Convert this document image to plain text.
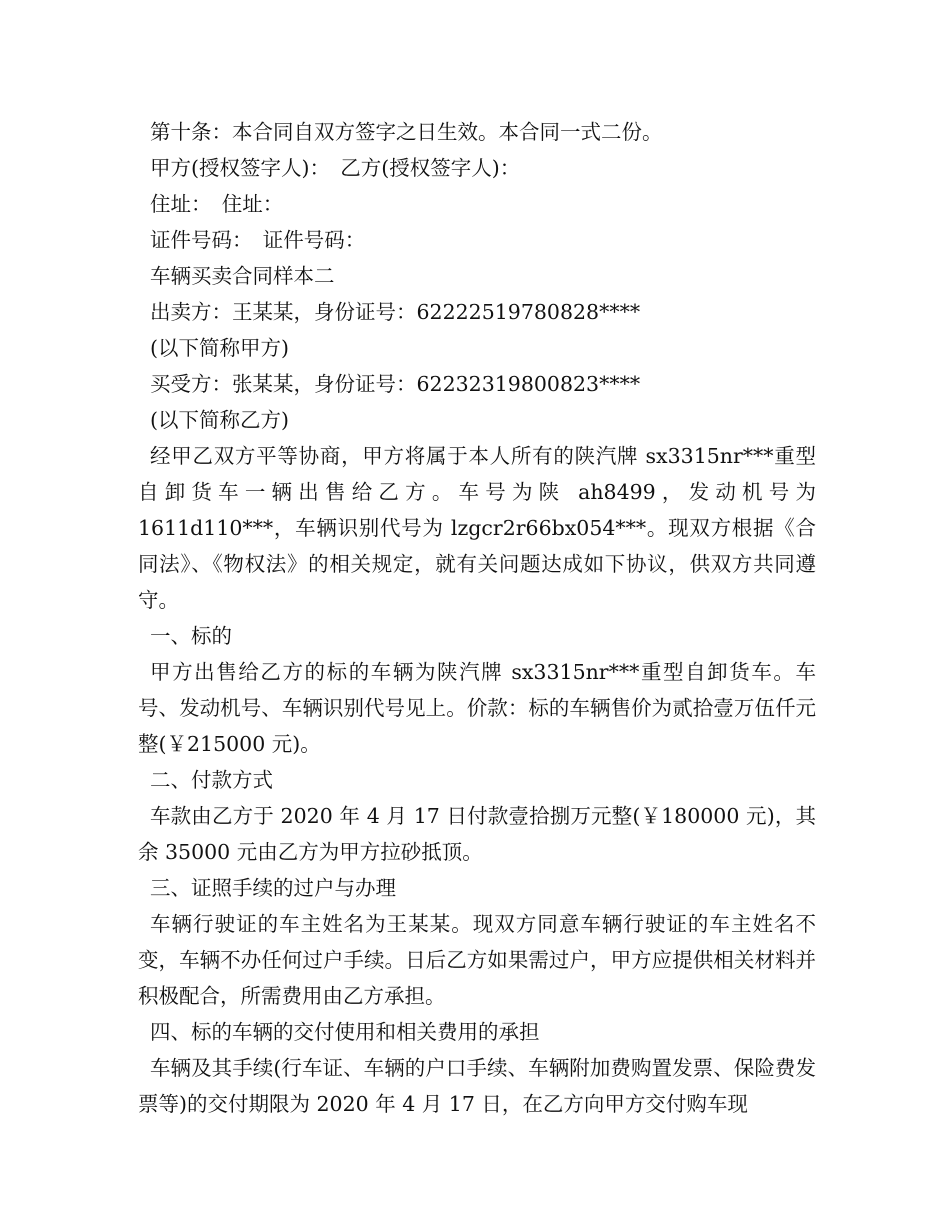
第十条：本合同自双方签字之日生效。本合同一式二份。
甲方(授权签字人)：　乙方(授权签字人)：
住址：　住址：
证件号码：　证件号码：
车辆买卖合同样本二
出卖方：王某某，身份证号：62222519780828****
(以下简称甲方)
买受方：张某某，身份证号：62232319800823****
(以下简称乙方)
经甲乙双方平等协商，甲方将属于本人所有的陕汽牌 sx3315nr***重型自卸货车一辆出售给乙方。车号为陕 ah8499，发动机号为 1611d110***，车辆识别代号为 lzgcr2r66bx054***。现双方根据《合同法》、《物权法》的相关规定，就有关问题达成如下协议，供双方共同遵守。
一、标的
甲方出售给乙方的标的车辆为陕汽牌 sx3315nr***重型自卸货车。车号、发动机号、车辆识别代号见上。价款：标的车辆售价为贰拾壹万伍仟元整(￥215000 元)。
二、付款方式
车款由乙方于 2020 年 4 月 17 日付款壹拾捌万元整(￥180000 元)，其余 35000 元由乙方为甲方拉砂抵顶。
三、证照手续的过户与办理
车辆行驶证的车主姓名为王某某。现双方同意车辆行驶证的车主姓名不变，车辆不办任何过户手续。日后乙方如果需过户，甲方应提供相关材料并积极配合，所需费用由乙方承担。
四、标的车辆的交付使用和相关费用的承担
车辆及其手续(行车证、车辆的户口手续、车辆附加费购置发票、保险费发票等)的交付期限为 2020 年 4 月 17 日，在乙方向甲方交付购车现
